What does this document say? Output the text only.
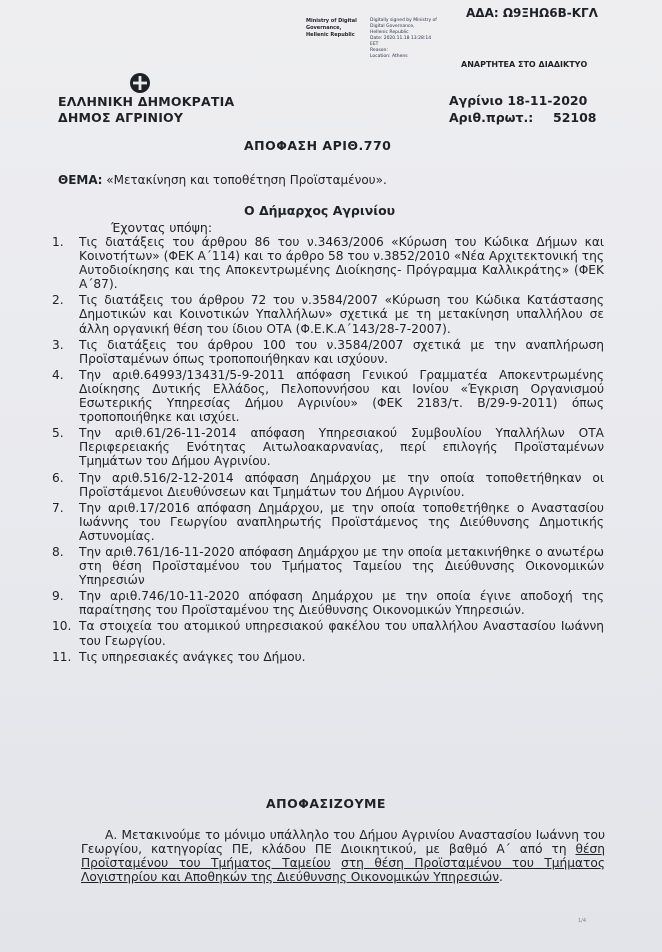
ΑΔΑ: Ω9ΞΗΩ6Β-ΚΓΛ
Ministry of Digital
Governance,
Hellenic Republic
Digitally signed by Ministry of
Digital Governance,
Hellenic Republic
Date: 2020.11.18 13:28:14
EET
Reason:
Location: Athens
ΑΝΑΡΤΗΤΕΑ ΣΤΟ ΔΙΑΔΙΚΤΥΟ
ΕΛΛΗΝΙΚΗ ΔΗΜΟΚΡΑΤΙΑ
ΔΗΜΟΣ ΑΓΡΙΝΙΟΥ
Αγρίνιο 18-11-2020
Αριθ.πρωτ.: 52108
ΑΠΟΦΑΣΗ ΑΡΙΘ.770
ΘΕΜΑ: «Μετακίνηση και τοποθέτηση Προϊσταμένου».
Ο Δήμαρχος Αγρινίου
Έχοντας υπόψη:
1. Τις διατάξεις του άρθρου 86 του ν.3463/2006 «Κύρωση του Κώδικα Δήμων και Κοινοτήτων» (ΦΕΚ Α΄114) και το άρθρο 58 του ν.3852/2010 «Νέα Αρχιτεκτονική της Αυτοδιοίκησης και της Αποκεντρωμένης Διοίκησης- Πρόγραμμα Καλλικράτης» (ΦΕΚ Α΄87).
2. Τις διατάξεις του άρθρου 72 του ν.3584/2007 «Κύρωση του Κώδικα Κατάστασης Δημοτικών και Κοινοτικών Υπαλλήλων» σχετικά με τη μετακίνηση υπαλλήλου σε άλλη οργανική θέση του ίδιου ΟΤΑ (Φ.Ε.Κ.Α΄143/28-7-2007).
3. Τις διατάξεις του άρθρου 100 του ν.3584/2007 σχετικά με την αναπλήρωση Προϊσταμένων όπως τροποποιήθηκαν και ισχύουν.
4. Την αριθ.64993/13431/5-9-2011 απόφαση Γενικού Γραμματέα Αποκεντρωμένης Διοίκησης Δυτικής Ελλάδος, Πελοποννήσου και Ιονίου «Έγκριση Οργανισμού Εσωτερικής Υπηρεσίας Δήμου Αγρινίου» (ΦΕΚ 2183/τ. Β/29-9-2011) όπως τροποποιήθηκε και ισχύει.
5. Την αριθ.61/26-11-2014 απόφαση Υπηρεσιακού Συμβουλίου Υπαλλήλων ΟΤΑ Περιφερειακής Ενότητας Αιτωλοακαρνανίας, περί επιλογής Προϊσταμένων Τμημάτων του Δήμου Αγρινίου.
6. Την αριθ.516/2-12-2014 απόφαση Δημάρχου με την οποία τοποθετήθηκαν οι Προϊστάμενοι Διευθύνσεων και Τμημάτων του Δήμου Αγρινίου.
7. Την αριθ.17/2016 απόφαση Δημάρχου, με την οποία τοποθετήθηκε ο Αναστασίου Ιωάννης του Γεωργίου αναπληρωτής Προϊστάμενος της Διεύθυνσης Δημοτικής Αστυνομίας.
8. Την αριθ.761/16-11-2020 απόφαση Δημάρχου με την οποία μετακινήθηκε ο ανωτέρω στη θέση Προϊσταμένου του Τμήματος Ταμείου της Διεύθυνσης Οικονομικών Υπηρεσιών
9. Την αριθ.746/10-11-2020 απόφαση Δημάρχου με την οποία έγινε αποδοχή της παραίτησης του Προϊσταμένου της Διεύθυνσης Οικονομικών Υπηρεσιών.
10. Τα στοιχεία του ατομικού υπηρεσιακού φακέλου του υπαλλήλου Αναστασίου Ιωάννη του Γεωργίου.
11. Τις υπηρεσιακές ανάγκες του Δήμου.
ΑΠΟΦΑΣΙΖΟΥΜΕ
Α. Μετακινούμε το μόνιμο υπάλληλο του Δήμου Αγρινίου Αναστασίου Ιωάννη του Γεωργίου, κατηγορίας ΠΕ, κλάδου ΠΕ Διοικητικού, με βαθμό Α΄ από τη θέση Προϊσταμένου του Τμήματος Ταμείου στη θέση Προϊσταμένου του Τμήματος Λογιστηρίου και Αποθηκών της Διεύθυνσης Οικονομικών Υπηρεσιών.
1/4
